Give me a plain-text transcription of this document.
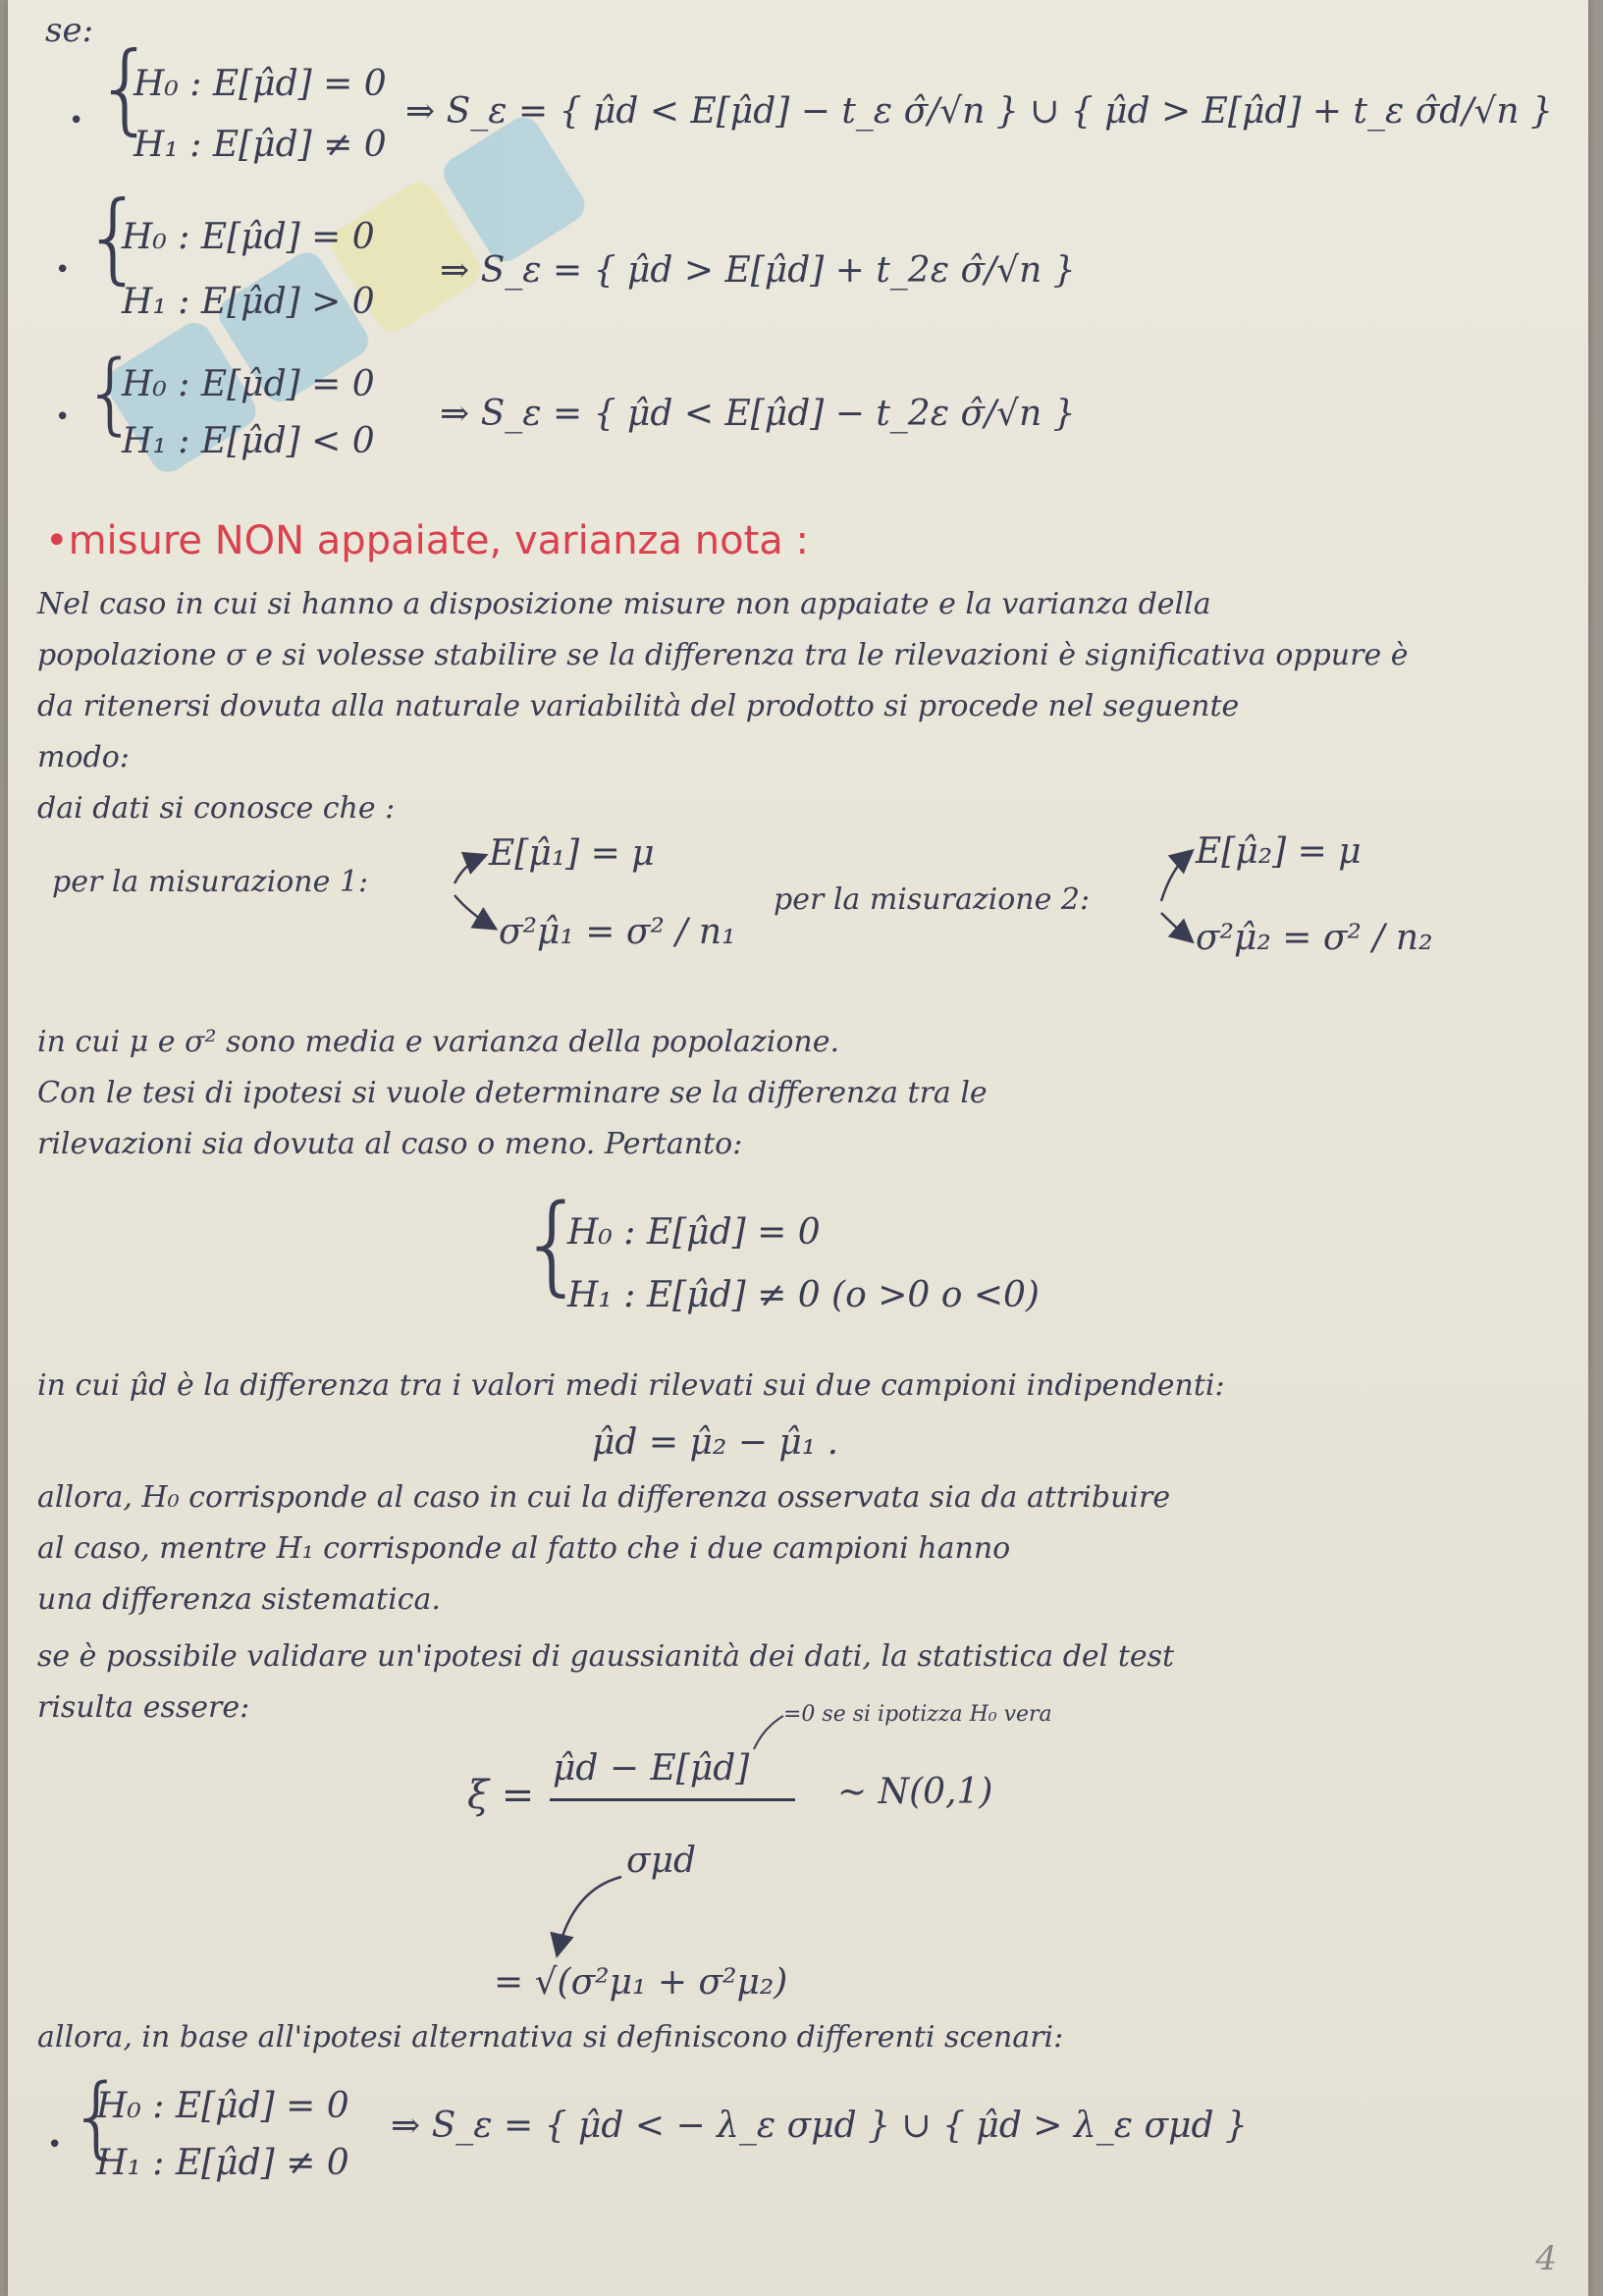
se:
• {
H₀ : E[μ̂d] = 0
H₁ : E[μ̂d] ≠ 0
⇒ S_ε = { μ̂d < E[μ̂d] − t_ε σ̂/√n } ∪ { μ̂d > E[μ̂d] + t_ε σ̂d/√n }
• {
H₀ : E[μ̂d] = 0
H₁ : E[μ̂d] > 0
⇒ S_ε = { μ̂d > E[μ̂d] + t_2ε σ̂/√n }
• {
H₀ : E[μ̂d] = 0
H₁ : E[μ̂d] < 0
⇒ S_ε = { μ̂d < E[μ̂d] − t_2ε σ̂/√n }
•misure NON appaiate, varianza nota :

Nel caso in cui si hanno a disposizione misure non appaiate e la varianza della

popolazione σ e si volesse stabilire se la differenza tra le rilevazioni è significativa oppure è

da ritenersi dovuta alla naturale variabilità del prodotto si procede nel seguente

modo:

dai dati si conosce che :

per la misurazione 1:
E[μ̂₁] = μ
σ²μ̂₁ = σ² / n₁
per la misurazione 2:
E[μ̂₂] = μ
σ²μ̂₂ = σ² / n₂

in cui μ e σ² sono media e varianza della popolazione.

Con le tesi di ipotesi si vuole determinare se la differenza tra le

rilevazioni sia dovuta al caso o meno. Pertanto:

{
H₀ : E[μ̂d] = 0
H₁ : E[μ̂d] ≠ 0 (o >0 o <0)

in cui μ̂d è la differenza tra i valori medi rilevati sui due campioni indipendenti:

μ̂d = μ̂₂ − μ̂₁ .

allora, H₀ corrisponde al caso in cui la differenza osservata sia da attribuire

al caso, mentre H₁ corrisponde al fatto che i due campioni hanno

una differenza sistematica.

se è possibile validare un'ipotesi di gaussianità dei dati, la statistica del test

risulta essere:	=0 se si ipotizza H₀ vera
ξ =
μ̂d − E[μ̂d]
σμd
~ N(0,1)
= √(σ²μ₁ + σ²μ₂)

allora, in base all'ipotesi alternativa si definiscono differenti scenari:

• {
H₀ : E[μ̂d] = 0
H₁ : E[μ̂d] ≠ 0
⇒ S_ε = { μ̂d < − λ_ε σμd } ∪ { μ̂d > λ_ε σμd }
4
